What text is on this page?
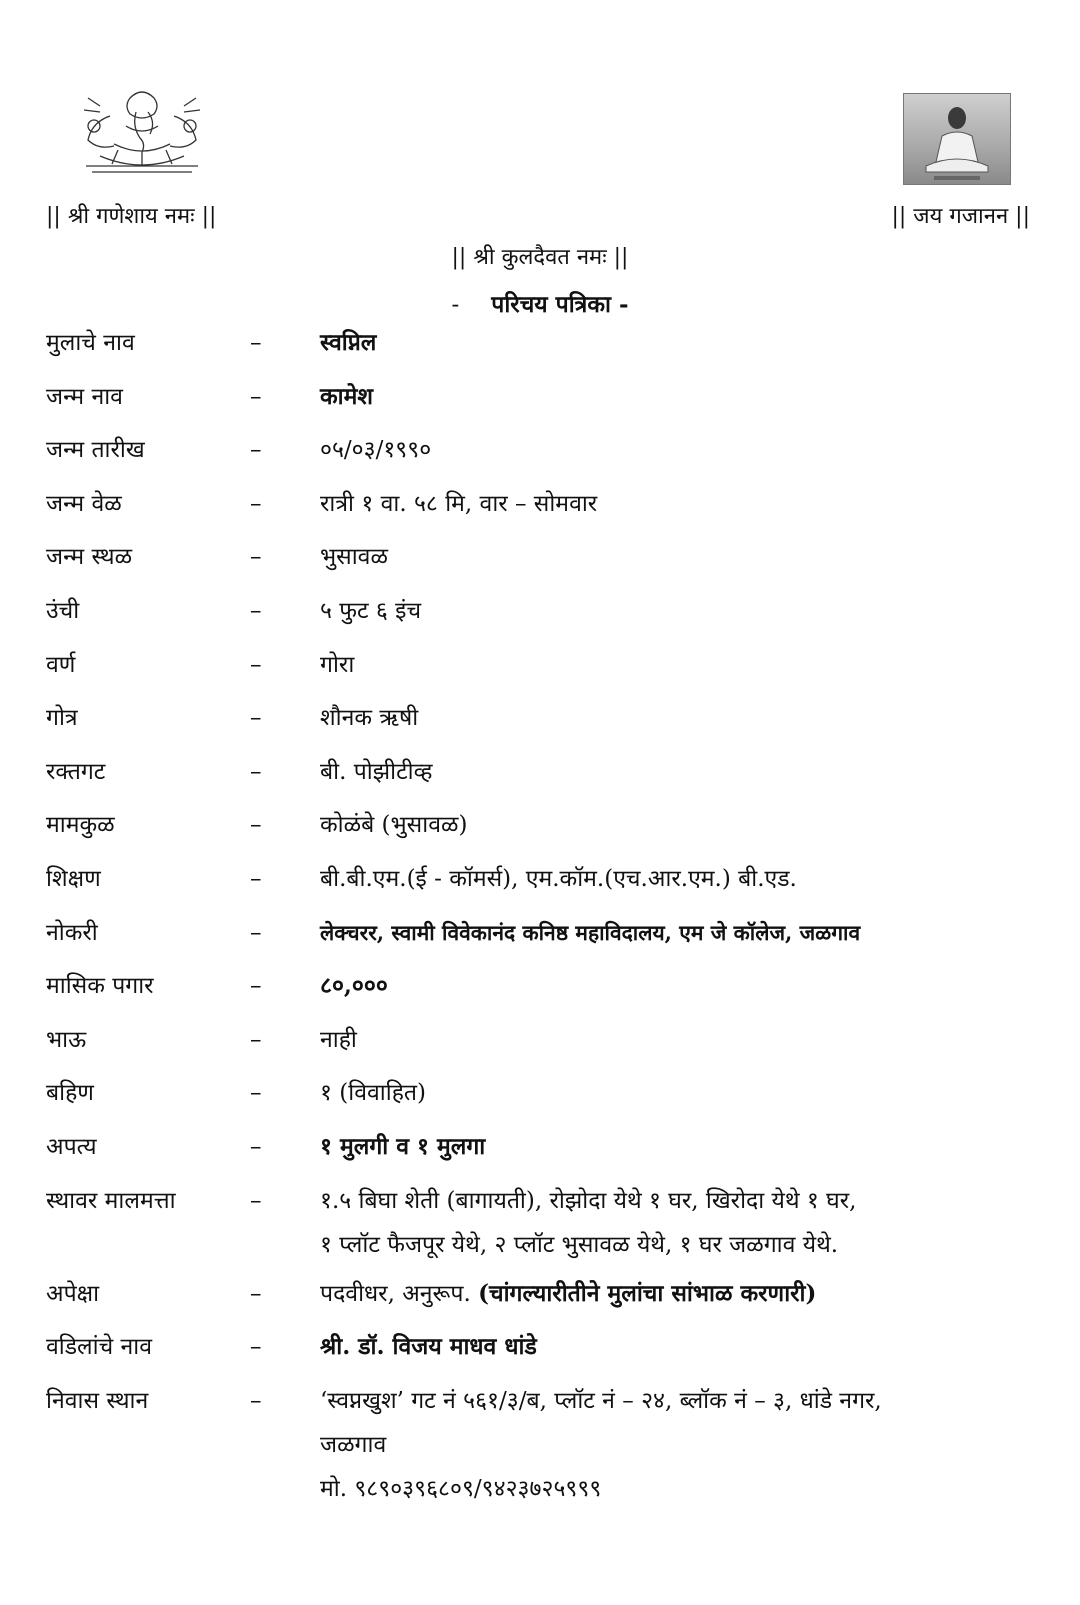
|| श्री गणेशाय नमः ||	|| जय गजानन ||
|| श्री कुलदैवत नमः ||
- परिचय पत्रिका -
मुलाचे नाव	–	स्वप्निल
जन्म नाव	–	कामेश
जन्म तारीख	–	०५/०३/१९९०
जन्म वेळ	–	रात्री १ वा. ५८ मि, वार – सोमवार
जन्म स्थळ	–	भुसावळ
उंची	–	५ फुट ६ इंच
वर्ण	–	गोरा
गोत्र	–	शौनक ऋषी
रक्तगट	–	बी. पोझीटीव्ह
मामकुळ	–	कोळंबे (भुसावळ)
शिक्षण	–	बी.बी.एम.(ई - कॉमर्स), एम.कॉम.(एच.आर.एम.) बी.एड.
नोकरी	–	लेक्चरर, स्वामी विवेकानंद कनिष्ठ महाविदालय, एम जे कॉलेज, जळगाव
मासिक पगार	–	८०,०००
भाऊ	–	नाही
बहिण	–	१ (विवाहित)
अपत्य	–	१ मुलगी व १ मुलगा
स्थावर मालमत्ता	–	१.५ बिघा शेती (बागायती), रोझोदा येथे १ घर, खिरोदा येथे १ घर,
१ प्लॉट फैजपूर येथे, २ प्लॉट भुसावळ येथे, १ घर जळगाव येथे.
अपेक्षा	–	पदवीधर, अनुरूप. (चांगल्यारीतीने मुलांचा सांभाळ करणारी)
वडिलांचे नाव	–	श्री. डॉ. विजय माधव धांडे
निवास स्थान	–	‘स्वप्नखुश’ गट नं ५६१/३/ब, प्लॉट नं – २४, ब्लॉक नं – ३, धांडे नगर,
जळगाव
मो. ९८९०३९६८०९/९४२३७२५९९९
